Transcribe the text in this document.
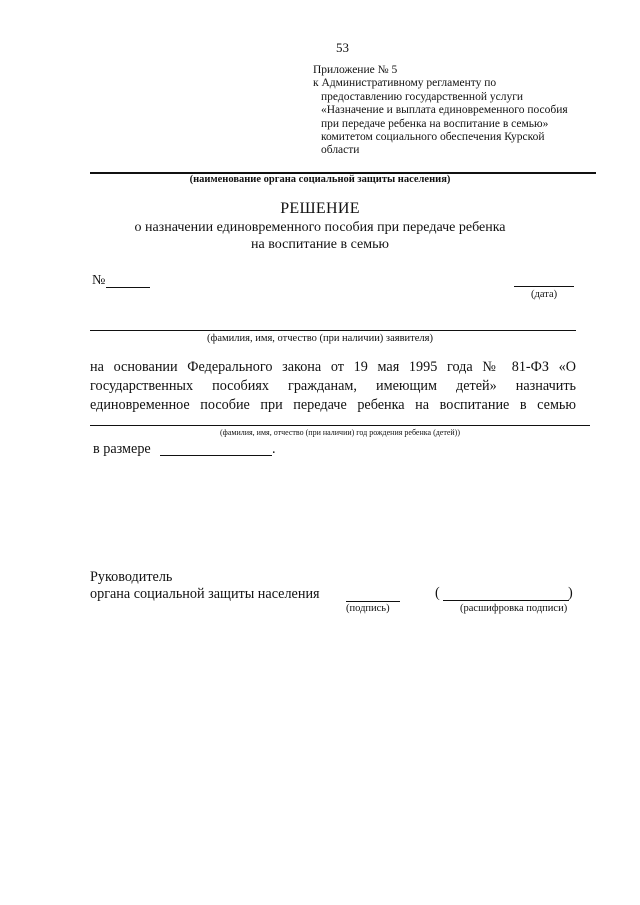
53
Приложение № 5
к Административному регламенту по
предоставлению государственной услуги
«Назначение и выплата единовременного пособия
при передаче ребенка на воспитание в семью»
комитетом социального обеспечения Курской
области
(наименование органа социальной защиты населения)
РЕШЕНИЕ
о назначении единовременного пособия при передаче ребенка
на воспитание в семью
№
(дата)
(фамилия, имя, отчество (при наличии) заявителя)
на основании Федерального закона от 19 мая 1995 года № 81-ФЗ «О
государственных пособиях гражданам, имеющим детей» назначить
единовременное пособие при передаче ребенка на воспитание в семью
(фамилия, имя, отчество (при наличии) год рождения ребенка (детей))
в размере	.
Руководитель
органа социальной защиты населения
(подпись)
(	)
(расшифровка подписи)
